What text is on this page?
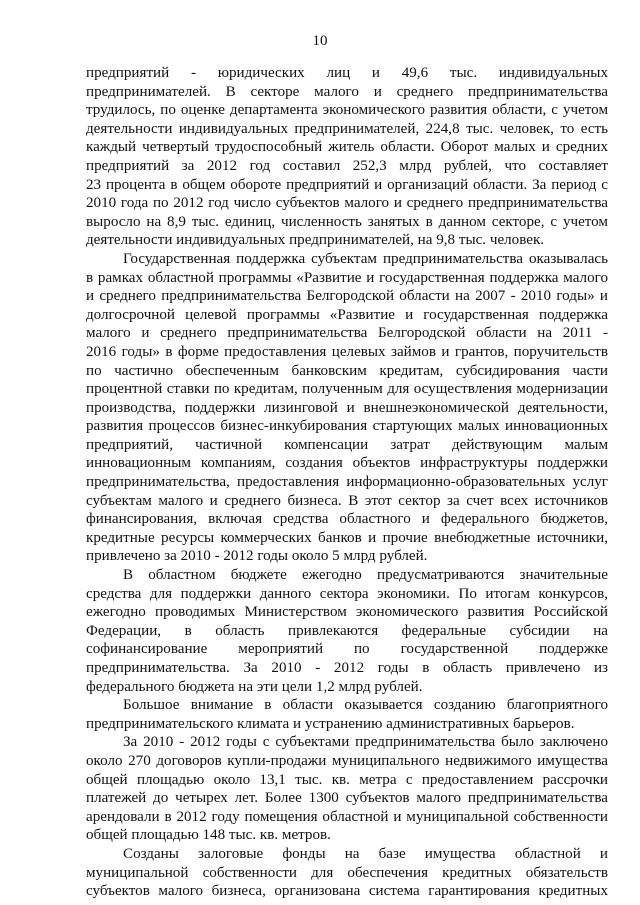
10
предприятий - юридических лиц и 49,6 тыс. индивидуальных
предпринимателей. В секторе малого и среднего предпринимательства
трудилось, по оценке департамента экономического развития области, с учетом
деятельности индивидуальных предпринимателей, 224,8 тыс. человек, то есть
каждый четвертый трудоспособный житель области. Оборот малых и средних
предприятий за 2012 год составил 252,3 млрд рублей, что составляет
23 процента в общем обороте предприятий и организаций области. За период с
2010 года по 2012 год число субъектов малого и среднего предпринимательства
выросло на 8,9 тыс. единиц, численность занятых в данном секторе, с учетом
деятельности индивидуальных предпринимателей, на 9,8 тыс. человек.
Государственная поддержка субъектам предпринимательства оказывалась
в рамках областной программы «Развитие и государственная поддержка малого
и среднего предпринимательства Белгородской области на 2007 - 2010 годы» и
долгосрочной целевой программы «Развитие и государственная поддержка
малого и среднего предпринимательства Белгородской области на 2011 -
2016 годы» в форме предоставления целевых займов и грантов, поручительств
по частично обеспеченным банковским кредитам, субсидирования части
процентной ставки по кредитам, полученным для осуществления модернизации
производства, поддержки лизинговой и внешнеэкономической деятельности,
развития процессов бизнес-инкубирования стартующих малых инновационных
предприятий, частичной компенсации затрат действующим малым
инновационным компаниям, создания объектов инфраструктуры поддержки
предпринимательства, предоставления информационно-образовательных услуг
субъектам малого и среднего бизнеса. В этот сектор за счет всех источников
финансирования, включая средства областного и федерального бюджетов,
кредитные ресурсы коммерческих банков и прочие внебюджетные источники,
привлечено за 2010 - 2012 годы около 5 млрд рублей.
В областном бюджете ежегодно предусматриваются значительные
средства для поддержки данного сектора экономики. По итогам конкурсов,
ежегодно проводимых Министерством экономического развития Российской
Федерации, в область привлекаются федеральные субсидии на
софинансирование мероприятий по государственной поддержке
предпринимательства. За 2010 - 2012 годы в область привлечено из
федерального бюджета на эти цели 1,2 млрд рублей.
Большое внимание в области оказывается созданию благоприятного
предпринимательского климата и устранению административных барьеров.
За 2010 - 2012 годы с субъектами предпринимательства было заключено
около 270 договоров купли-продажи муниципального недвижимого имущества
общей площадью около 13,1 тыс. кв. метра с предоставлением рассрочки
платежей до четырех лет. Более 1300 субъектов малого предпринимательства
арендовали в 2012 году помещения областной и муниципальной собственности
общей площадью 148 тыс. кв. метров.
Созданы залоговые фонды на базе имущества областной и
муниципальной собственности для обеспечения кредитных обязательств
субъектов малого бизнеса, организована система гарантирования кредитных
